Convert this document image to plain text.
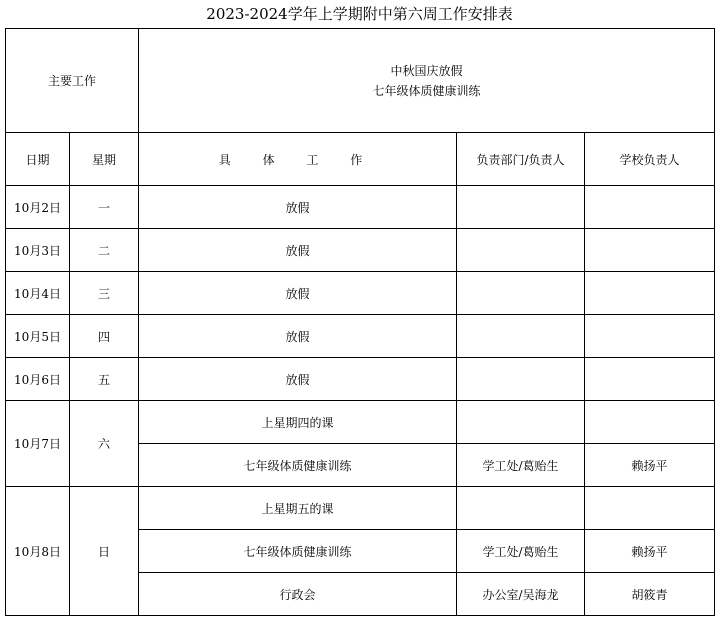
2023-2024学年上学期附中第六周工作安排表
主要工作		中秋国庆放假
七年级体质健康训练		

日期	星期	具 体 工 作	负责部门/负责人	学校负责人
10月2日	一	放假		
10月3日	二	放假		
10月4日	三	放假		
10月5日	四	放假		
10月6日	五	放假		
10月7日	六	上星期四的课		
		七年级体质健康训练	学工处/葛贻生	赖扬平
10月8日	日	上星期五的课		
		七年级体质健康训练	学工处/葛贻生	赖扬平
		行政会	办公室/吴海龙	胡筱青
